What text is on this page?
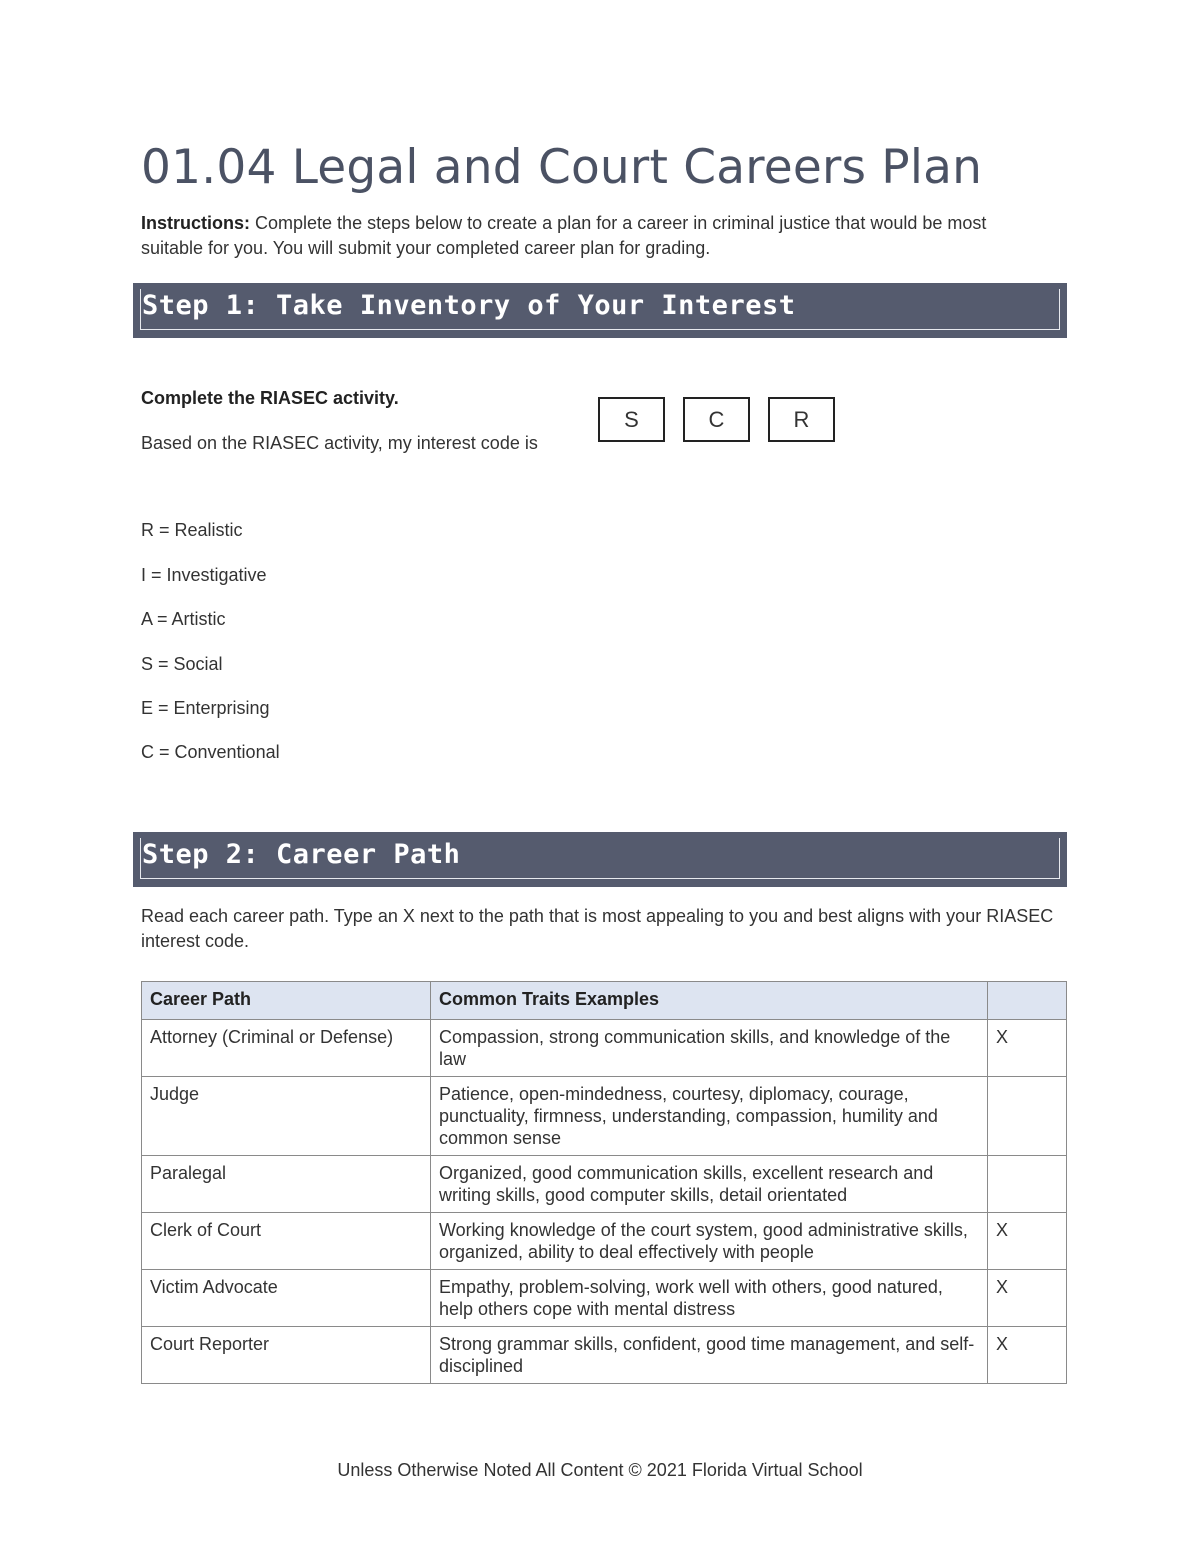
01.04 Legal and Court Careers Plan

Instructions: Complete the steps below to create a plan for a career in criminal justice that would be most suitable for you. You will submit your completed career plan for grading.

Step 1: Take Inventory of Your Interest
Complete the RIASEC activity.
Based on the RIASEC activity, my interest code is
S	C	R
R = Realistic
I = Investigative
A = Artistic
S = Social
E = Enterprising
C = Conventional
Step 2: Career Path

Read each career path. Type an X next to the path that is most appealing to you and best aligns with your RIASEC interest code.

Career Path	Common Traits Examples	
Attorney (Criminal or Defense)	Compassion, strong communication skills, and knowledge of the law	X
Judge	Patience, open-mindedness, courtesy, diplomacy, courage, punctuality, firmness, understanding, compassion, humility and common sense	
Paralegal	Organized, good communication skills, excellent research and writing skills, good computer skills, detail orientated	
Clerk of Court	Working knowledge of the court system, good administrative skills, organized, ability to deal effectively with people	X
Victim Advocate	Empathy, problem-solving, work well with others, good natured, help others cope with mental distress	X
Court Reporter	Strong grammar skills, confident, good time management, and self-disciplined	X
Unless Otherwise Noted All Content © 2021 Florida Virtual School
